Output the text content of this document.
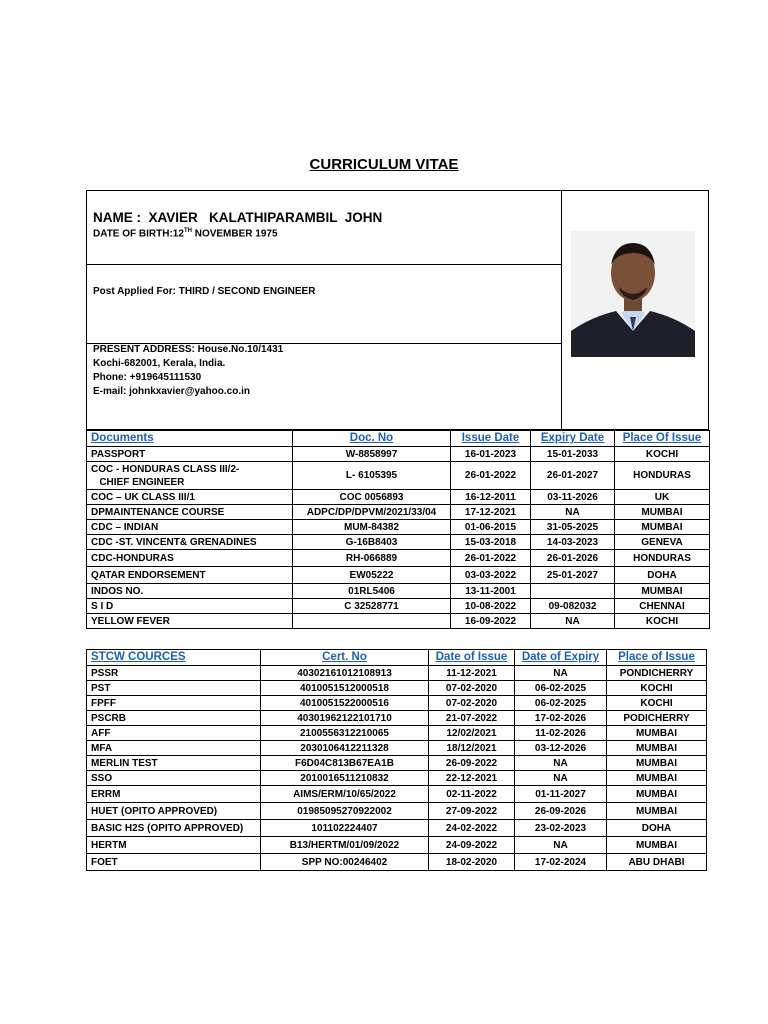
CURRICULUM VITAE
NAME :  XAVIER   KALATHIPARAMBIL  JOHN
DATE OF BIRTH:12TH NOVEMBER 1975
Post Applied For: THIRD / SECOND ENGINEER
PRESENT ADDRESS: House.No.10/1431
Kochi-682001, Kerala, India.
Phone: +919645111530
E-mail: johnkxavier@yahoo.co.in
Documents	Doc. No	Issue Date	Expiry Date	Place Of Issue
PASSPORT	W-8858997	16-01-2023	15-01-2033	KOCHI
COC - HONDURAS CLASS III/2-
CHIEF ENGINEER	L- 6105395	26-01-2022	26-01-2027	HONDURAS
COC – UK CLASS III/1	COC 0056893	16-12-2011	03-11-2026	UK
DPMAINTENANCE COURSE	ADPC/DP/DPVM/2021/33/04	17-12-2021	NA	MUMBAI
CDC – INDIAN	MUM-84382	01-06-2015	31-05-2025	MUMBAI
CDC -ST. VINCENT& GRENADINES	G-16B8403	15-03-2018	14-03-2023	GENEVA
CDC-HONDURAS	RH-066889	26-01-2022	26-01-2026	HONDURAS
QATAR ENDORSEMENT	EW05222	03-03-2022	25-01-2027	DOHA
INDOS NO.	01RL5406	13-11-2001		MUMBAI
S I D	C 32528771	10-08-2022	09-082032	CHENNAI
YELLOW FEVER		16-09-2022	NA	KOCHI
STCW COURCES	Cert. No	Date of Issue	Date of Expiry	Place of Issue
PSSR	40302161012108913	11-12-2021	NA	PONDICHERRY
PST	4010051512000518	07-02-2020	06-02-2025	KOCHI
FPFF	4010051522000516	07-02-2020	06-02-2025	KOCHI
PSCRB	40301962122101710	21-07-2022	17-02-2026	PODICHERRY
AFF	2100556312210065	12/02/2021	11-02-2026	MUMBAI
MFA	2030106412211328	18/12/2021	03-12-2026	MUMBAI
MERLIN TEST	F6D04C813B67EA1B	26-09-2022	NA	MUMBAI
SSO	2010016511210832	22-12-2021	NA	MUMBAI
ERRM	AIMS/ERM/10/65/2022	02-11-2022	01-11-2027	MUMBAI
HUET (OPITO APPROVED)	01985095270922002	27-09-2022	26-09-2026	MUMBAI
BASIC H2S (OPITO APPROVED)	101102224407	24-02-2022	23-02-2023	DOHA
HERTM	B13/HERTM/01/09/2022	24-09-2022	NA	MUMBAI
FOET	SPP NO:00246402	18-02-2020	17-02-2024	ABU DHABI
